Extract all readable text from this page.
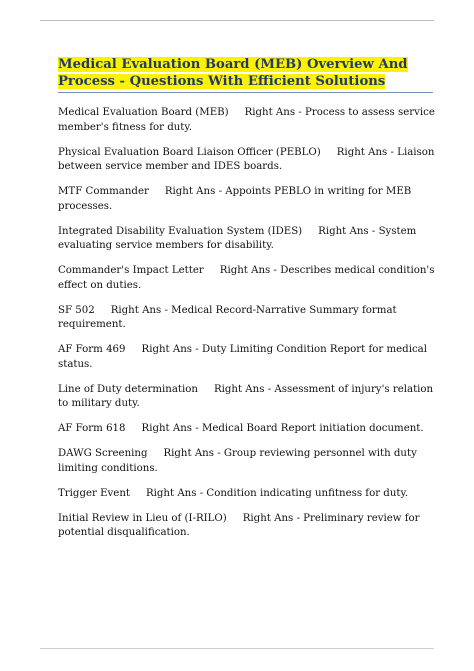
Medical Evaluation Board (MEB) Overview And Process - Questions With Efficient Solutions
Medical Evaluation Board (MEB) Right Ans - Process to assess service member's fitness for duty.
Physical Evaluation Board Liaison Officer (PEBLO) Right Ans - Liaison between service member and IDES boards.
MTF Commander Right Ans - Appoints PEBLO in writing for MEB processes.
Integrated Disability Evaluation System (IDES) Right Ans - System evaluating service members for disability.
Commander's Impact Letter Right Ans - Describes medical condition's effect on duties.
SF 502 Right Ans - Medical Record-Narrative Summary format requirement.
AF Form 469 Right Ans - Duty Limiting Condition Report for medical status.
Line of Duty determination Right Ans - Assessment of injury's relation to military duty.
AF Form 618 Right Ans - Medical Board Report initiation document.
DAWG Screening Right Ans - Group reviewing personnel with duty limiting conditions.
Trigger Event Right Ans - Condition indicating unfitness for duty.
Initial Review in Lieu of (I-RILO) Right Ans - Preliminary review for potential disqualification.
